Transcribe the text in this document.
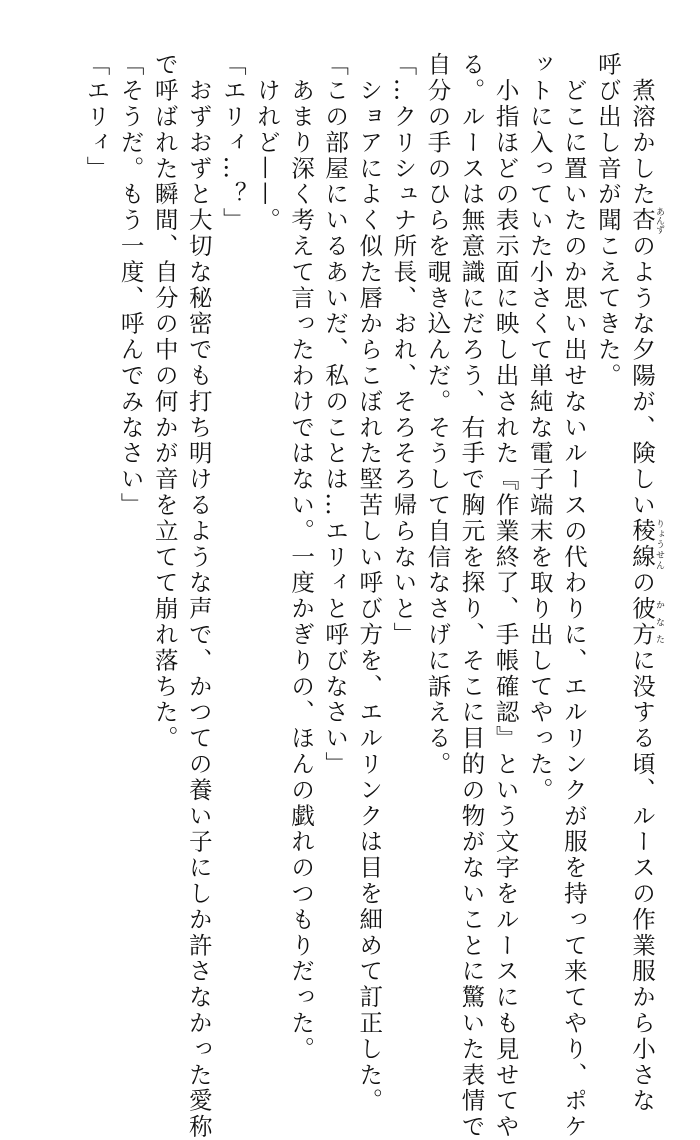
　煮溶かした杏あんずのような夕陽が、険しい稜線りょうせんの彼方かなたに没する頃、ルースの作業服から小さな
呼び出し音が聞こえてきた。
　どこに置いたのか思い出せないルースの代わりに、エルリンクが服を持って来てやり、ポケ
ットに入っていた小さくて単純な電子端末を取り出してやった。
　小指ほどの表示面に映し出された『作業終了、手帳確認』という文字をルースにも見せてや
る。ルースは無意識にだろう、右手で胸元を探り、そこに目的の物がないことに驚いた表情で
自分の手のひらを覗き込んだ。そうして自信なさげに訴える。
「…クリシュナ所長、おれ、そろそろ帰らないと」
　ショアによく似た唇からこぼれた堅苦しい呼び方を、エルリンクは目を細めて訂正した。
「この部屋にいるあいだ、私のことは…エリィと呼びなさい」
　あまり深く考えて言ったわけではない。一度かぎりの、ほんの戯れのつもりだった。
　けれど——。
「エリィ…？」
　おずおずと大切な秘密でも打ち明けるような声で、かつての養い子にしか許さなかった愛称
で呼ばれた瞬間、自分の中の何かが音を立てて崩れ落ちた。
「そうだ。もう一度、呼んでみなさい」
「エリィ」
